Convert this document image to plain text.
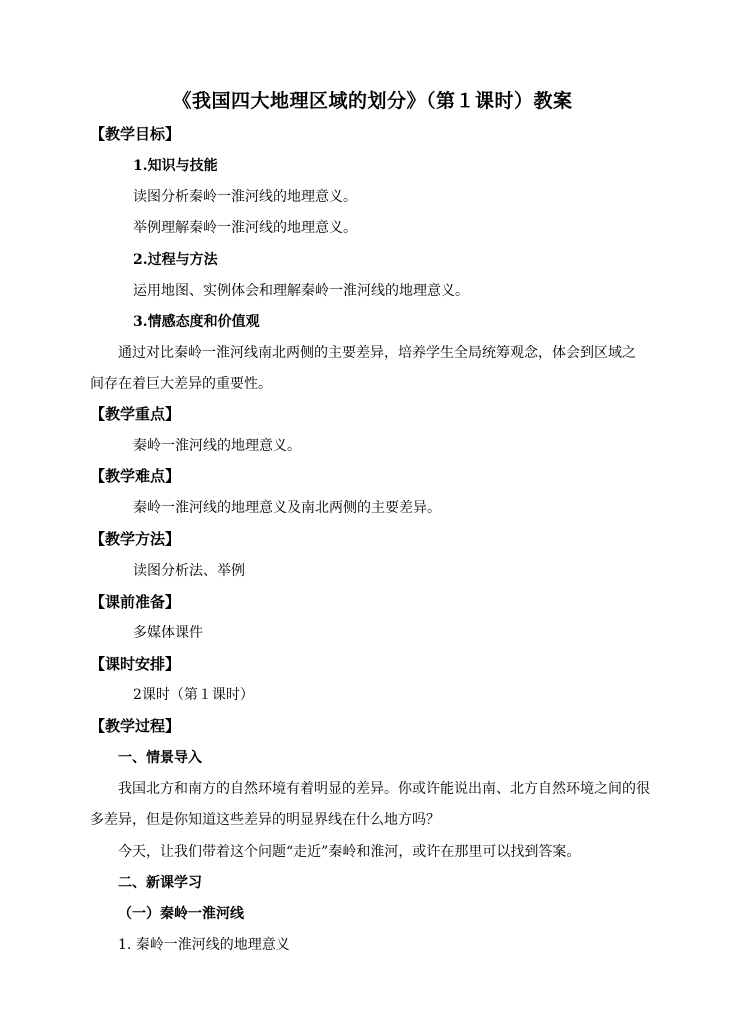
《我国四大地理区域的划分》（第１课时）教案
【教学目标】
1.知识与技能
读图分析秦岭一淮河线的地理意义。
举例理解秦岭一淮河线的地理意义。
2.过程与方法
运用地图、实例体会和理解秦岭一淮河线的地理意义。
3.情感态度和价值观
通过对比秦岭一淮河线南北两侧的主要差异，培养学生全局统筹观念，体会到区域之
间存在着巨大差异的重要性。
【教学重点】
秦岭一淮河线的地理意义。
【教学难点】
秦岭一淮河线的地理意义及南北两侧的主要差异。
【教学方法】
读图分析法、举例
【课前准备】
多媒体课件
【课时安排】
2课时（第１课时）
【教学过程】
一、情景导入
我国北方和南方的自然环境有着明显的差异。你或许能说出南、北方自然环境之间的很
多差异，但是你知道这些差异的明显界线在什么地方吗？
今天，让我们带着这个问题“走近”秦岭和淮河，或许在那里可以找到答案。
二、新课学习
（一）秦岭一淮河线
1. 秦岭一淮河线的地理意义
